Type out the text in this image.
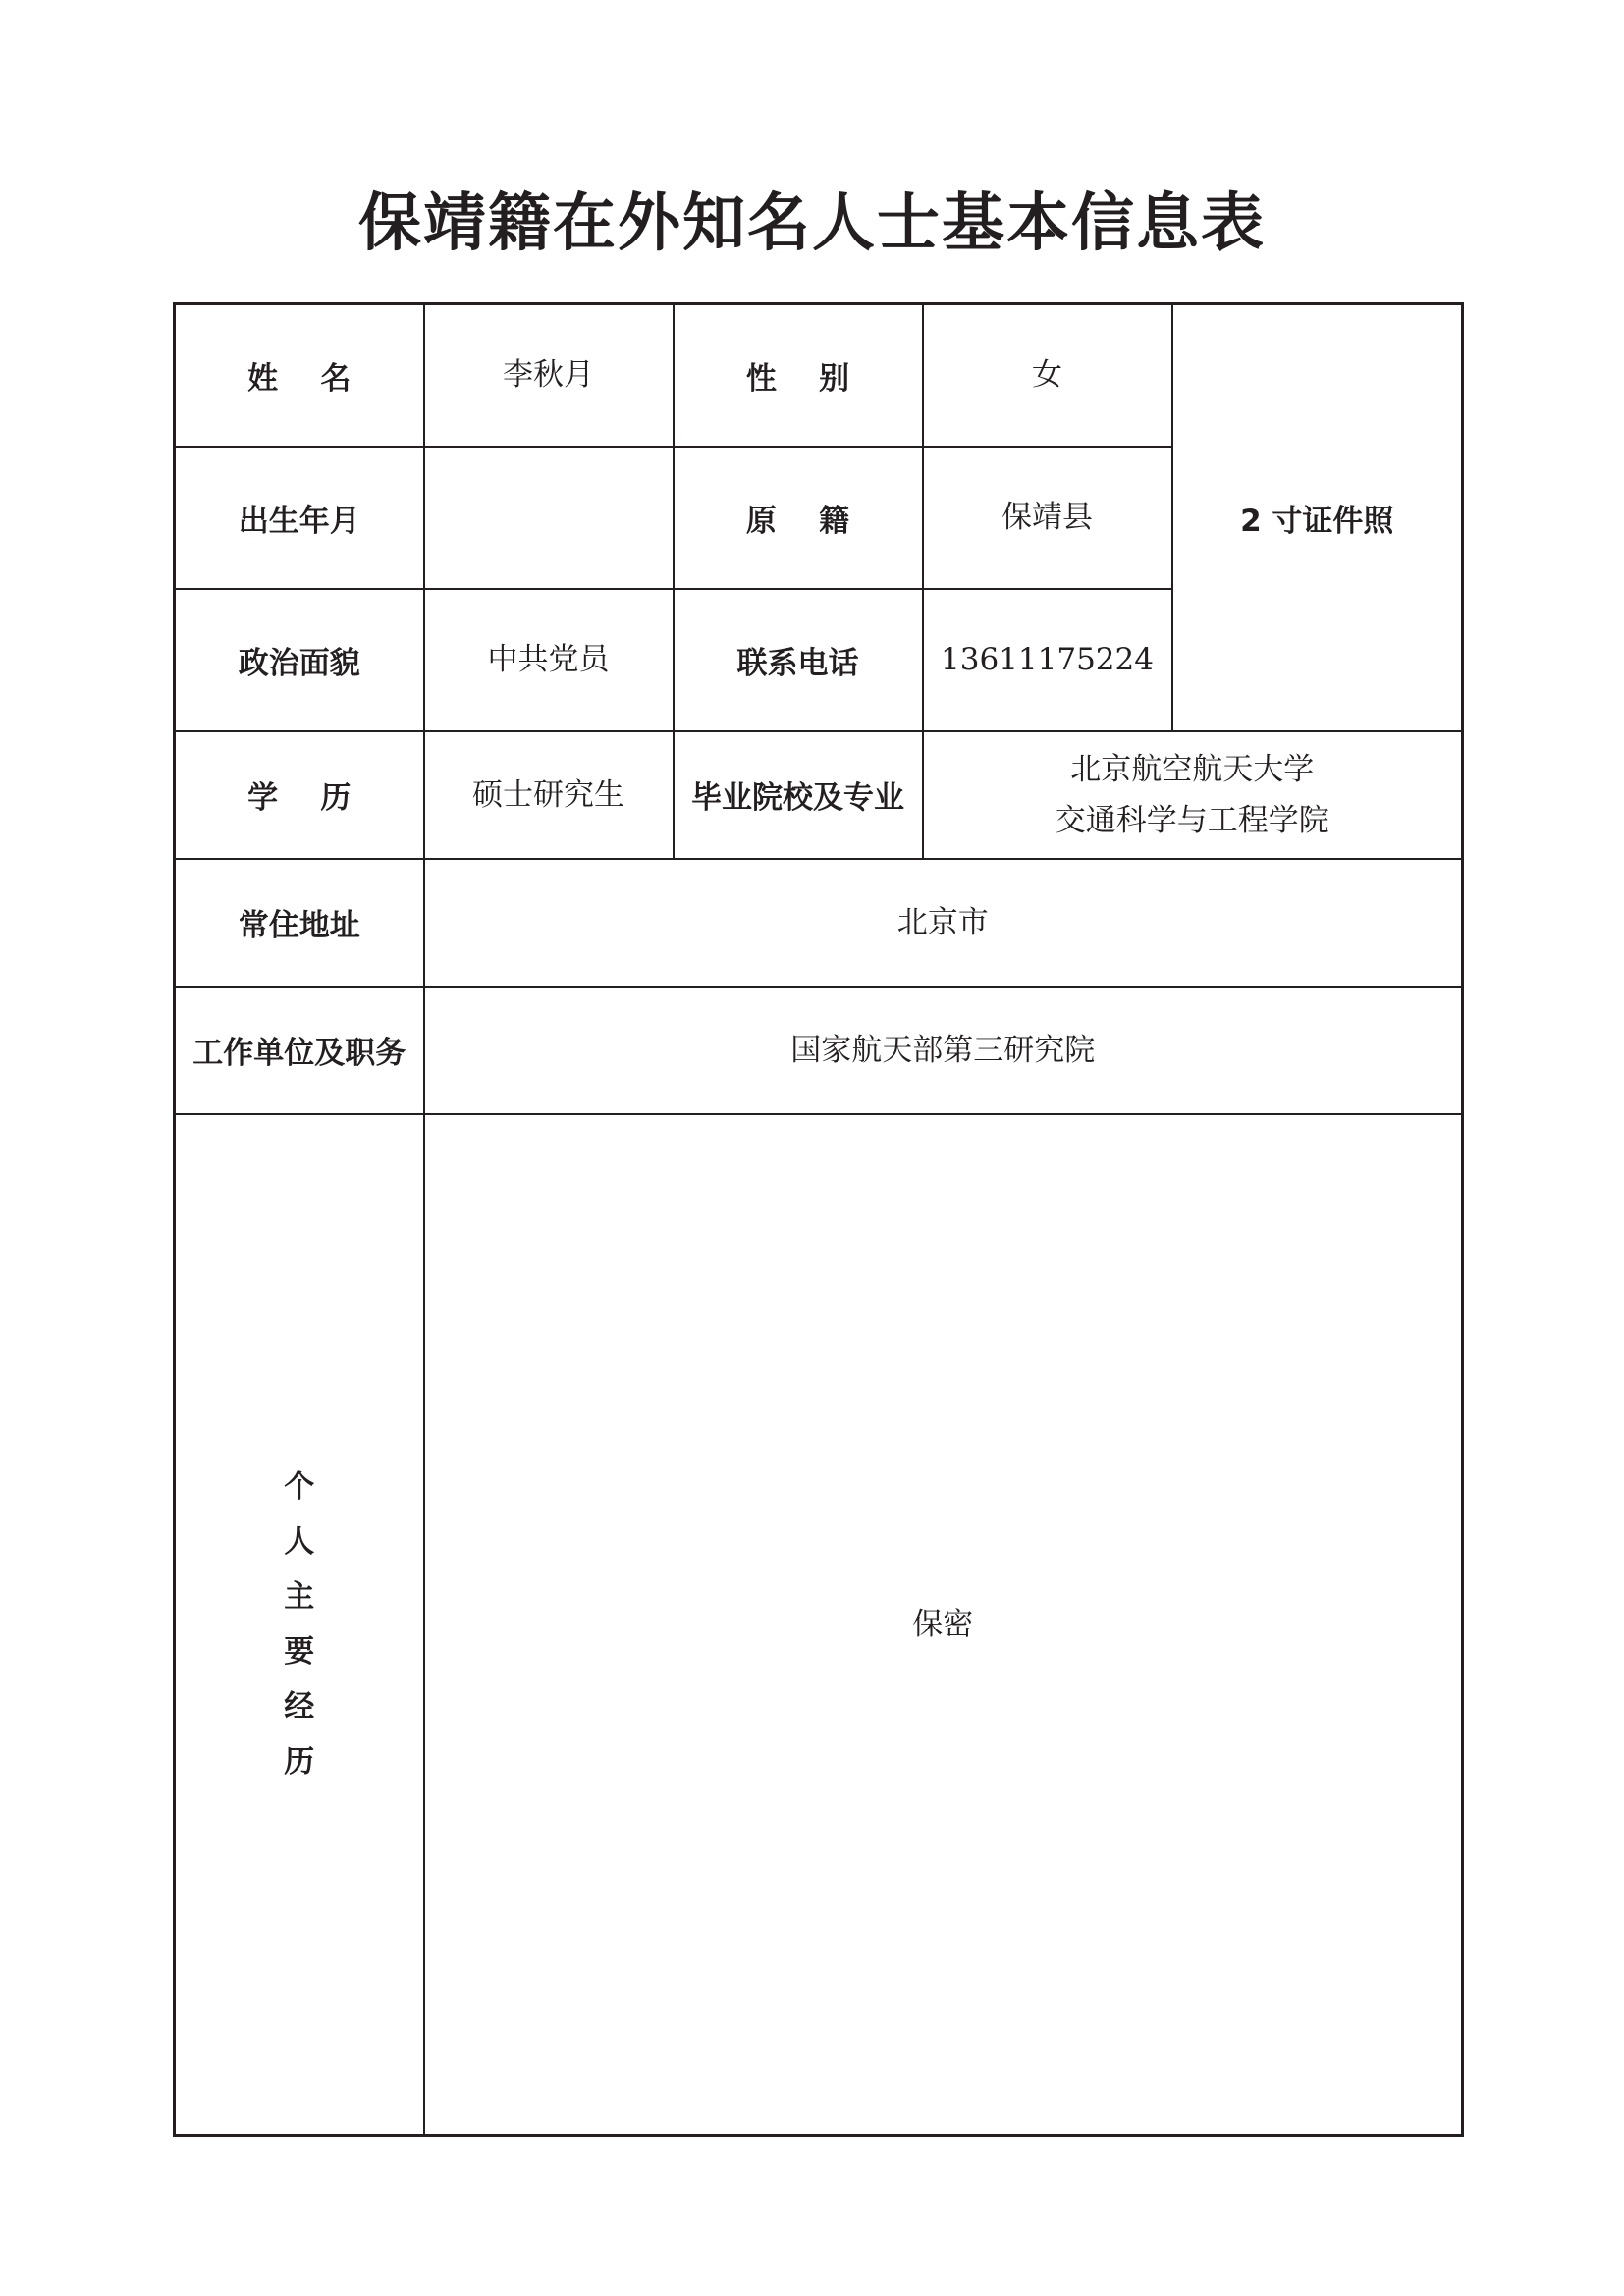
保靖籍在外知名人士基本信息表
姓    名	李秋月	性    别	女	2 寸证件照
出生年月		原    籍	保靖县	
政治面貌	中共党员	联系电话	13611175224	
学    历	硕士研究生	毕业院校及专业	北京航空航天大学
交通科学与工程学院	

常住地址	北京市			
工作单位及职务	国家航天部第三研究院			
个人主要经历	保密			
